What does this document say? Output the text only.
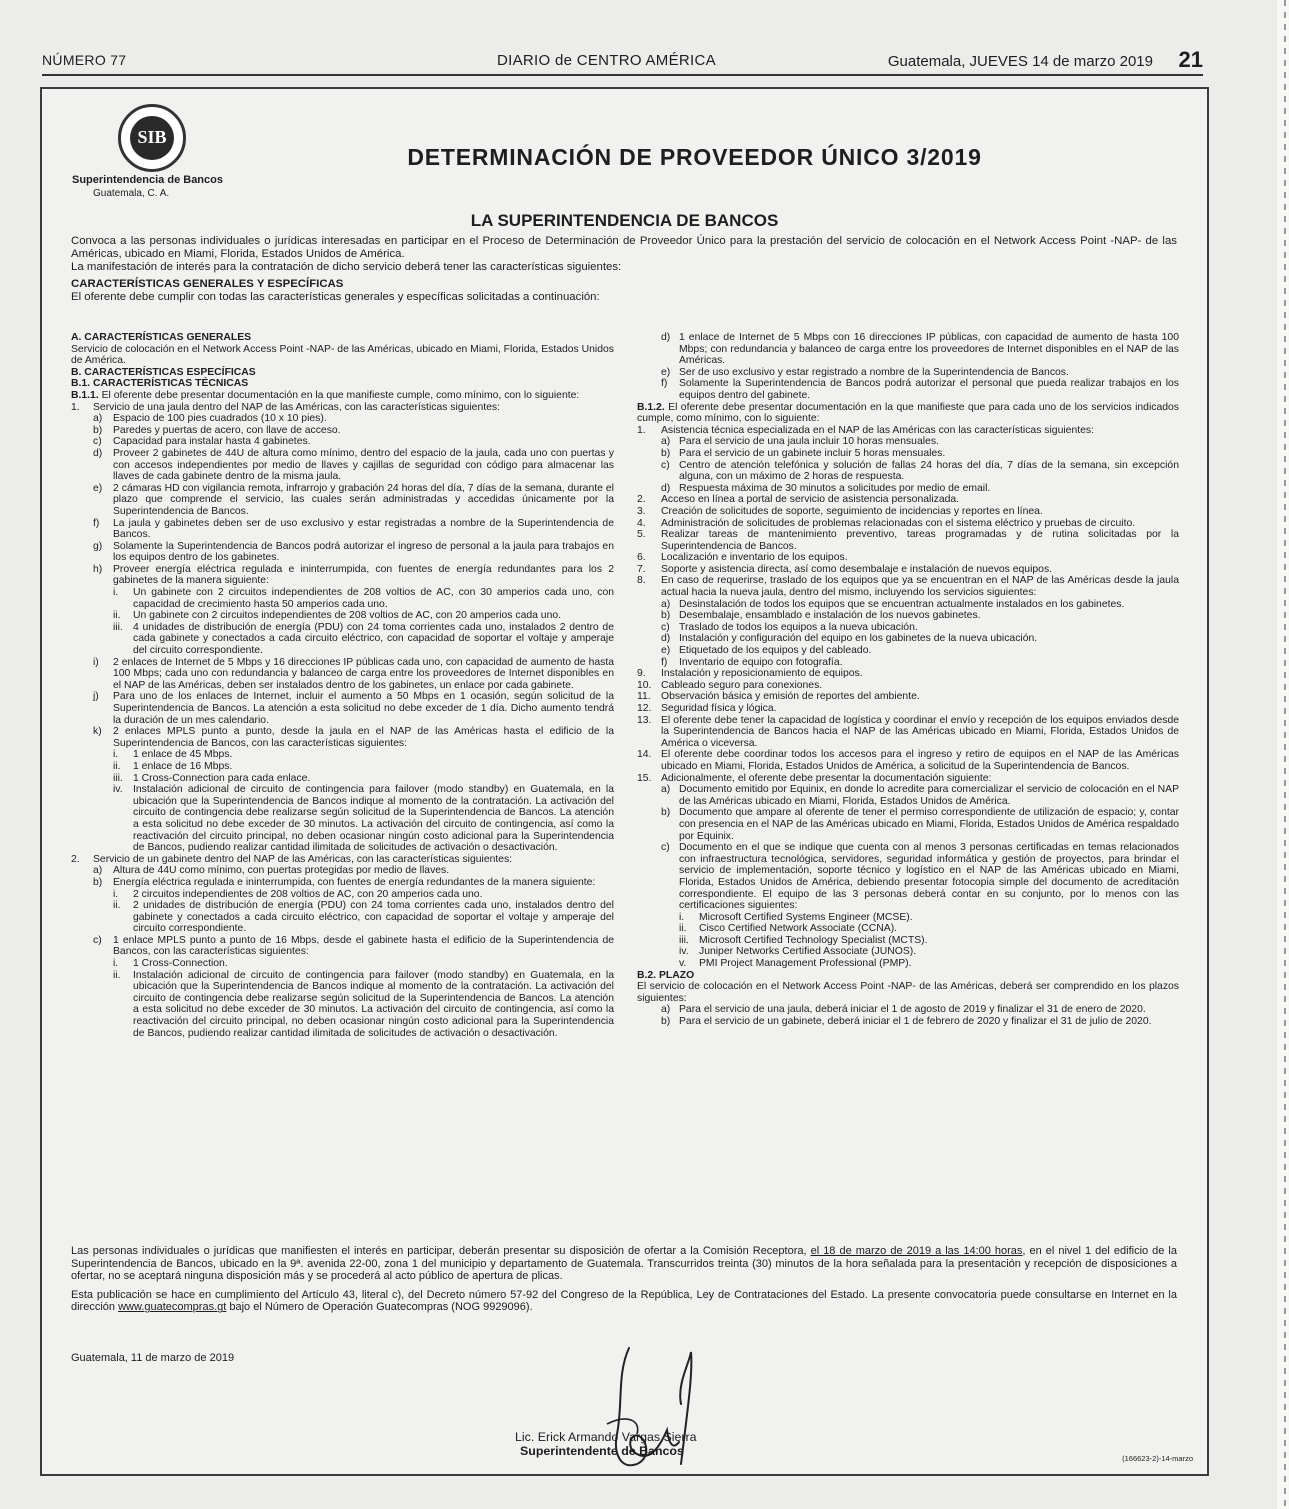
NÚMERO 77	DIARIO de CENTRO AMÉRICA	Guatemala, JUEVES 14 de marzo 2019 21
SIB
Superintendencia de Bancos
Guatemala, C. A.
DETERMINACIÓN DE PROVEEDOR ÚNICO 3/2019
LA SUPERINTENDENCIA DE BANCOS

Convoca a las personas individuales o jurídicas interesadas en participar en el Proceso de Determinación de Proveedor Único para la prestación del servicio de colocación en el Network Access Point -NAP- de las Américas, ubicado en Miami, Florida, Estados Unidos de América.

La manifestación de interés para la contratación de dicho servicio deberá tener las características siguientes:

CARACTERÍSTICAS GENERALES Y ESPECÍFICAS

El oferente debe cumplir con todas las características generales y específicas solicitadas a continuación:

A. CARACTERÍSTICAS GENERALES

Servicio de colocación en el Network Access Point -NAP- de las Américas, ubicado en Miami, Florida, Estados Unidos de América.

B. CARACTERÍSTICAS ESPECÍFICAS

B.1. CARACTERÍSTICAS TÉCNICAS

B.1.1. El oferente debe presentar documentación en la que manifieste cumple, como mínimo, con lo siguiente:

1.	Servicio de una jaula dentro del NAP de las Américas, con las características siguientes:
a)	Espacio de 100 pies cuadrados (10 x 10 pies).
b)	Paredes y puertas de acero, con llave de acceso.
c)	Capacidad para instalar hasta 4 gabinetes.
d)	Proveer 2 gabinetes de 44U de altura como mínimo, dentro del espacio de la jaula, cada uno con puertas y con accesos independientes por medio de llaves y cajillas de seguridad con código para almacenar las llaves de cada gabinete dentro de la misma jaula.
e)	2 cámaras HD con vigilancia remota, infrarrojo y grabación 24 horas del día, 7 días de la semana, durante el plazo que comprende el servicio, las cuales serán administradas y accedidas únicamente por la Superintendencia de Bancos.
f)	La jaula y gabinetes deben ser de uso exclusivo y estar registradas a nombre de la Superintendencia de Bancos.
g)	Solamente la Superintendencia de Bancos podrá autorizar el ingreso de personal a la jaula para trabajos en los equipos dentro de los gabinetes.
h)	Proveer energía eléctrica regulada e ininterrumpida, con fuentes de energía redundantes para los 2 gabinetes de la manera siguiente:
i.	Un gabinete con 2 circuitos independientes de 208 voltios de AC, con 30 amperios cada uno, con capacidad de crecimiento hasta 50 amperios cada uno.
ii.	Un gabinete con 2 circuitos independientes de 208 voltios de AC, con 20 amperios cada uno.
iii. 4 unidades de distribución de energía (PDU) con 24 toma corrientes cada uno, instalados 2 dentro de cada gabinete y conectados a cada circuito eléctrico, con capacidad de soportar el voltaje y amperaje del circuito correspondiente.
i)	2 enlaces de Internet de 5 Mbps y 16 direcciones IP públicas cada uno, con capacidad de aumento de hasta 100 Mbps; cada uno con redundancia y balanceo de carga entre los proveedores de Internet disponibles en el NAP de las Américas, deben ser instalados dentro de los gabinetes, un enlace por cada gabinete.
j)	Para uno de los enlaces de Internet, incluir el aumento a 50 Mbps en 1 ocasión, según solicitud de la Superintendencia de Bancos. La atención a esta solicitud no debe exceder de 1 día. Dicho aumento tendrá la duración de un mes calendario.
k)	2 enlaces MPLS punto a punto, desde la jaula en el NAP de las Américas hasta el edificio de la Superintendencia de Bancos, con las características siguientes:
i.	1 enlace de 45 Mbps.
ii.	1 enlace de 16 Mbps.
iii. 1 Cross-Connection para cada enlace.
iv. Instalación adicional de circuito de contingencia para failover (modo standby) en Guatemala, en la ubicación que la Superintendencia de Bancos indique al momento de la contratación. La activación del circuito de contingencia debe realizarse según solicitud de la Superintendencia de Bancos. La atención a esta solicitud no debe exceder de 30 minutos. La activación del circuito de contingencia, así como la reactivación del circuito principal, no deben ocasionar ningún costo adicional para la Superintendencia de Bancos, pudiendo realizar cantidad ilimitada de solicitudes de activación o desactivación.
2.	Servicio de un gabinete dentro del NAP de las Américas, con las características siguientes:
a)	Altura de 44U como mínimo, con puertas protegidas por medio de llaves.
b)	Energía eléctrica regulada e ininterrumpida, con fuentes de energía redundantes de la manera siguiente:
i.	2 circuitos independientes de 208 voltios de AC, con 20 amperios cada uno.
ii.	2 unidades de distribución de energía (PDU) con 24 toma corrientes cada uno, instalados dentro del gabinete y conectados a cada circuito eléctrico, con capacidad de soportar el voltaje y amperaje del circuito correspondiente.
c)	1 enlace MPLS punto a punto de 16 Mbps, desde el gabinete hasta el edificio de la Superintendencia de Bancos, con las características siguientes:
i.	1 Cross-Connection.
ii.	Instalación adicional de circuito de contingencia para failover (modo standby) en Guatemala, en la ubicación que la Superintendencia de Bancos indique al momento de la contratación. La activación del circuito de contingencia debe realizarse según solicitud de la Superintendencia de Bancos. La atención a esta solicitud no debe exceder de 30 minutos. La activación del circuito de contingencia, así como la reactivación del circuito principal, no deben ocasionar ningún costo adicional para la Superintendencia de Bancos, pudiendo realizar cantidad ilimitada de solicitudes de activación o desactivación.
d) 1 enlace de Internet de 5 Mbps con 16 direcciones IP públicas, con capacidad de aumento de hasta 100 Mbps; con redundancia y balanceo de carga entre los proveedores de Internet disponibles en el NAP de las Américas.
e) Ser de uso exclusivo y estar registrado a nombre de la Superintendencia de Bancos.
f)	Solamente la Superintendencia de Bancos podrá autorizar el personal que pueda realizar trabajos en los equipos dentro del gabinete.

B.1.2. El oferente debe presentar documentación en la que manifieste que para cada uno de los servicios indicados cumple, como mínimo, con lo siguiente:

1.	Asistencia técnica especializada en el NAP de las Américas con las características siguientes:
a) Para el servicio de una jaula incluir 10 horas mensuales.
b) Para el servicio de un gabinete incluir 5 horas mensuales.
c) Centro de atención telefónica y solución de fallas 24 horas del día, 7 días de la semana, sin excepción alguna, con un máximo de 2 horas de respuesta.
d) Respuesta máxima de 30 minutos a solicitudes por medio de email.
2.	Acceso en línea a portal de servicio de asistencia personalizada.
3.	Creación de solicitudes de soporte, seguimiento de incidencias y reportes en línea.
4.	Administración de solicitudes de problemas relacionadas con el sistema eléctrico y pruebas de circuito.
5.	Realizar tareas de mantenimiento preventivo, tareas programadas y de rutina solicitadas por la Superintendencia de Bancos.
6.	Localización e inventario de los equipos.
7.	Soporte y asistencia directa, así como desembalaje e instalación de nuevos equipos.
8.	En caso de requerirse, traslado de los equipos que ya se encuentran en el NAP de las Américas desde la jaula actual hacia la nueva jaula, dentro del mismo, incluyendo los servicios siguientes:
a) Desinstalación de todos los equipos que se encuentran actualmente instalados en los gabinetes.
b) Desembalaje, ensamblado e instalación de los nuevos gabinetes.
c) Traslado de todos los equipos a la nueva ubicación.
d) Instalación y configuración del equipo en los gabinetes de la nueva ubicación.
e) Etiquetado de los equipos y del cableado.
f)	Inventario de equipo con fotografía.
9.	Instalación y reposicionamiento de equipos.
10. Cableado seguro para conexiones.
11. Observación básica y emisión de reportes del ambiente.
12. Seguridad física y lógica.
13. El oferente debe tener la capacidad de logística y coordinar el envío y recepción de los equipos enviados desde la Superintendencia de Bancos hacia el NAP de las Américas ubicado en Miami, Florida, Estados Unidos de América o viceversa.
14. El oferente debe coordinar todos los accesos para el ingreso y retiro de equipos en el NAP de las Américas ubicado en Miami, Florida, Estados Unidos de América, a solicitud de la Superintendencia de Bancos.
15. Adicionalmente, el oferente debe presentar la documentación siguiente:
a) Documento emitido por Equinix, en donde lo acredite para comercializar el servicio de colocación en el NAP de las Américas ubicado en Miami, Florida, Estados Unidos de América.
b) Documento que ampare al oferente de tener el permiso correspondiente de utilización de espacio; y, contar con presencia en el NAP de las Américas ubicado en Miami, Florida, Estados Unidos de América respaldado por Equinix.
c) Documento en el que se indique que cuenta con al menos 3 personas certificadas en temas relacionados con infraestructura tecnológica, servidores, seguridad informática y gestión de proyectos, para brindar el servicio de implementación, soporte técnico y logístico en el NAP de las Américas ubicado en Miami, Florida, Estados Unidos de América, debiendo presentar fotocopia simple del documento de acreditación correspondiente. El equipo de las 3 personas deberá contar en su conjunto, por lo menos con las certificaciones siguientes:
i.	Microsoft Certified Systems Engineer (MCSE).
ii.	Cisco Certified Network Associate (CCNA).
iii. Microsoft Certified Technology Specialist (MCTS).
iv. Juniper Networks Certified Associate (JUNOS).
v.	PMI Project Management Professional (PMP).

B.2. PLAZO

El servicio de colocación en el Network Access Point -NAP- de las Américas, deberá ser comprendido en los plazos siguientes:

a) Para el servicio de una jaula, deberá iniciar el 1 de agosto de 2019 y finalizar el 31 de enero de 2020.
b) Para el servicio de un gabinete, deberá iniciar el 1 de febrero de 2020 y finalizar el 31 de julio de 2020.

Las personas individuales o jurídicas que manifiesten el interés en participar, deberán presentar su disposición de ofertar a la Comisión Receptora, el 18 de marzo de 2019 a las 14:00 horas, en el nivel 1 del edificio de la Superintendencia de Bancos, ubicado en la 9ª. avenida 22-00, zona 1 del municipio y departamento de Guatemala. Transcurridos treinta (30) minutos de la hora señalada para la presentación y recepción de disposiciones a ofertar, no se aceptará ninguna disposición más y se procederá al acto público de apertura de plicas.

Esta publicación se hace en cumplimiento del Artículo 43, literal c), del Decreto número 57-92 del Congreso de la República, Ley de Contrataciones del Estado. La presente convocatoria puede consultarse en Internet en la dirección www.guatecompras.gt bajo el Número de Operación Guatecompras (NOG 9929096).

Guatemala, 11 de marzo de 2019
Lic. Erick Armando Vargas Sierra
Superintendente de Bancos
(166623-2)-14-marzo
